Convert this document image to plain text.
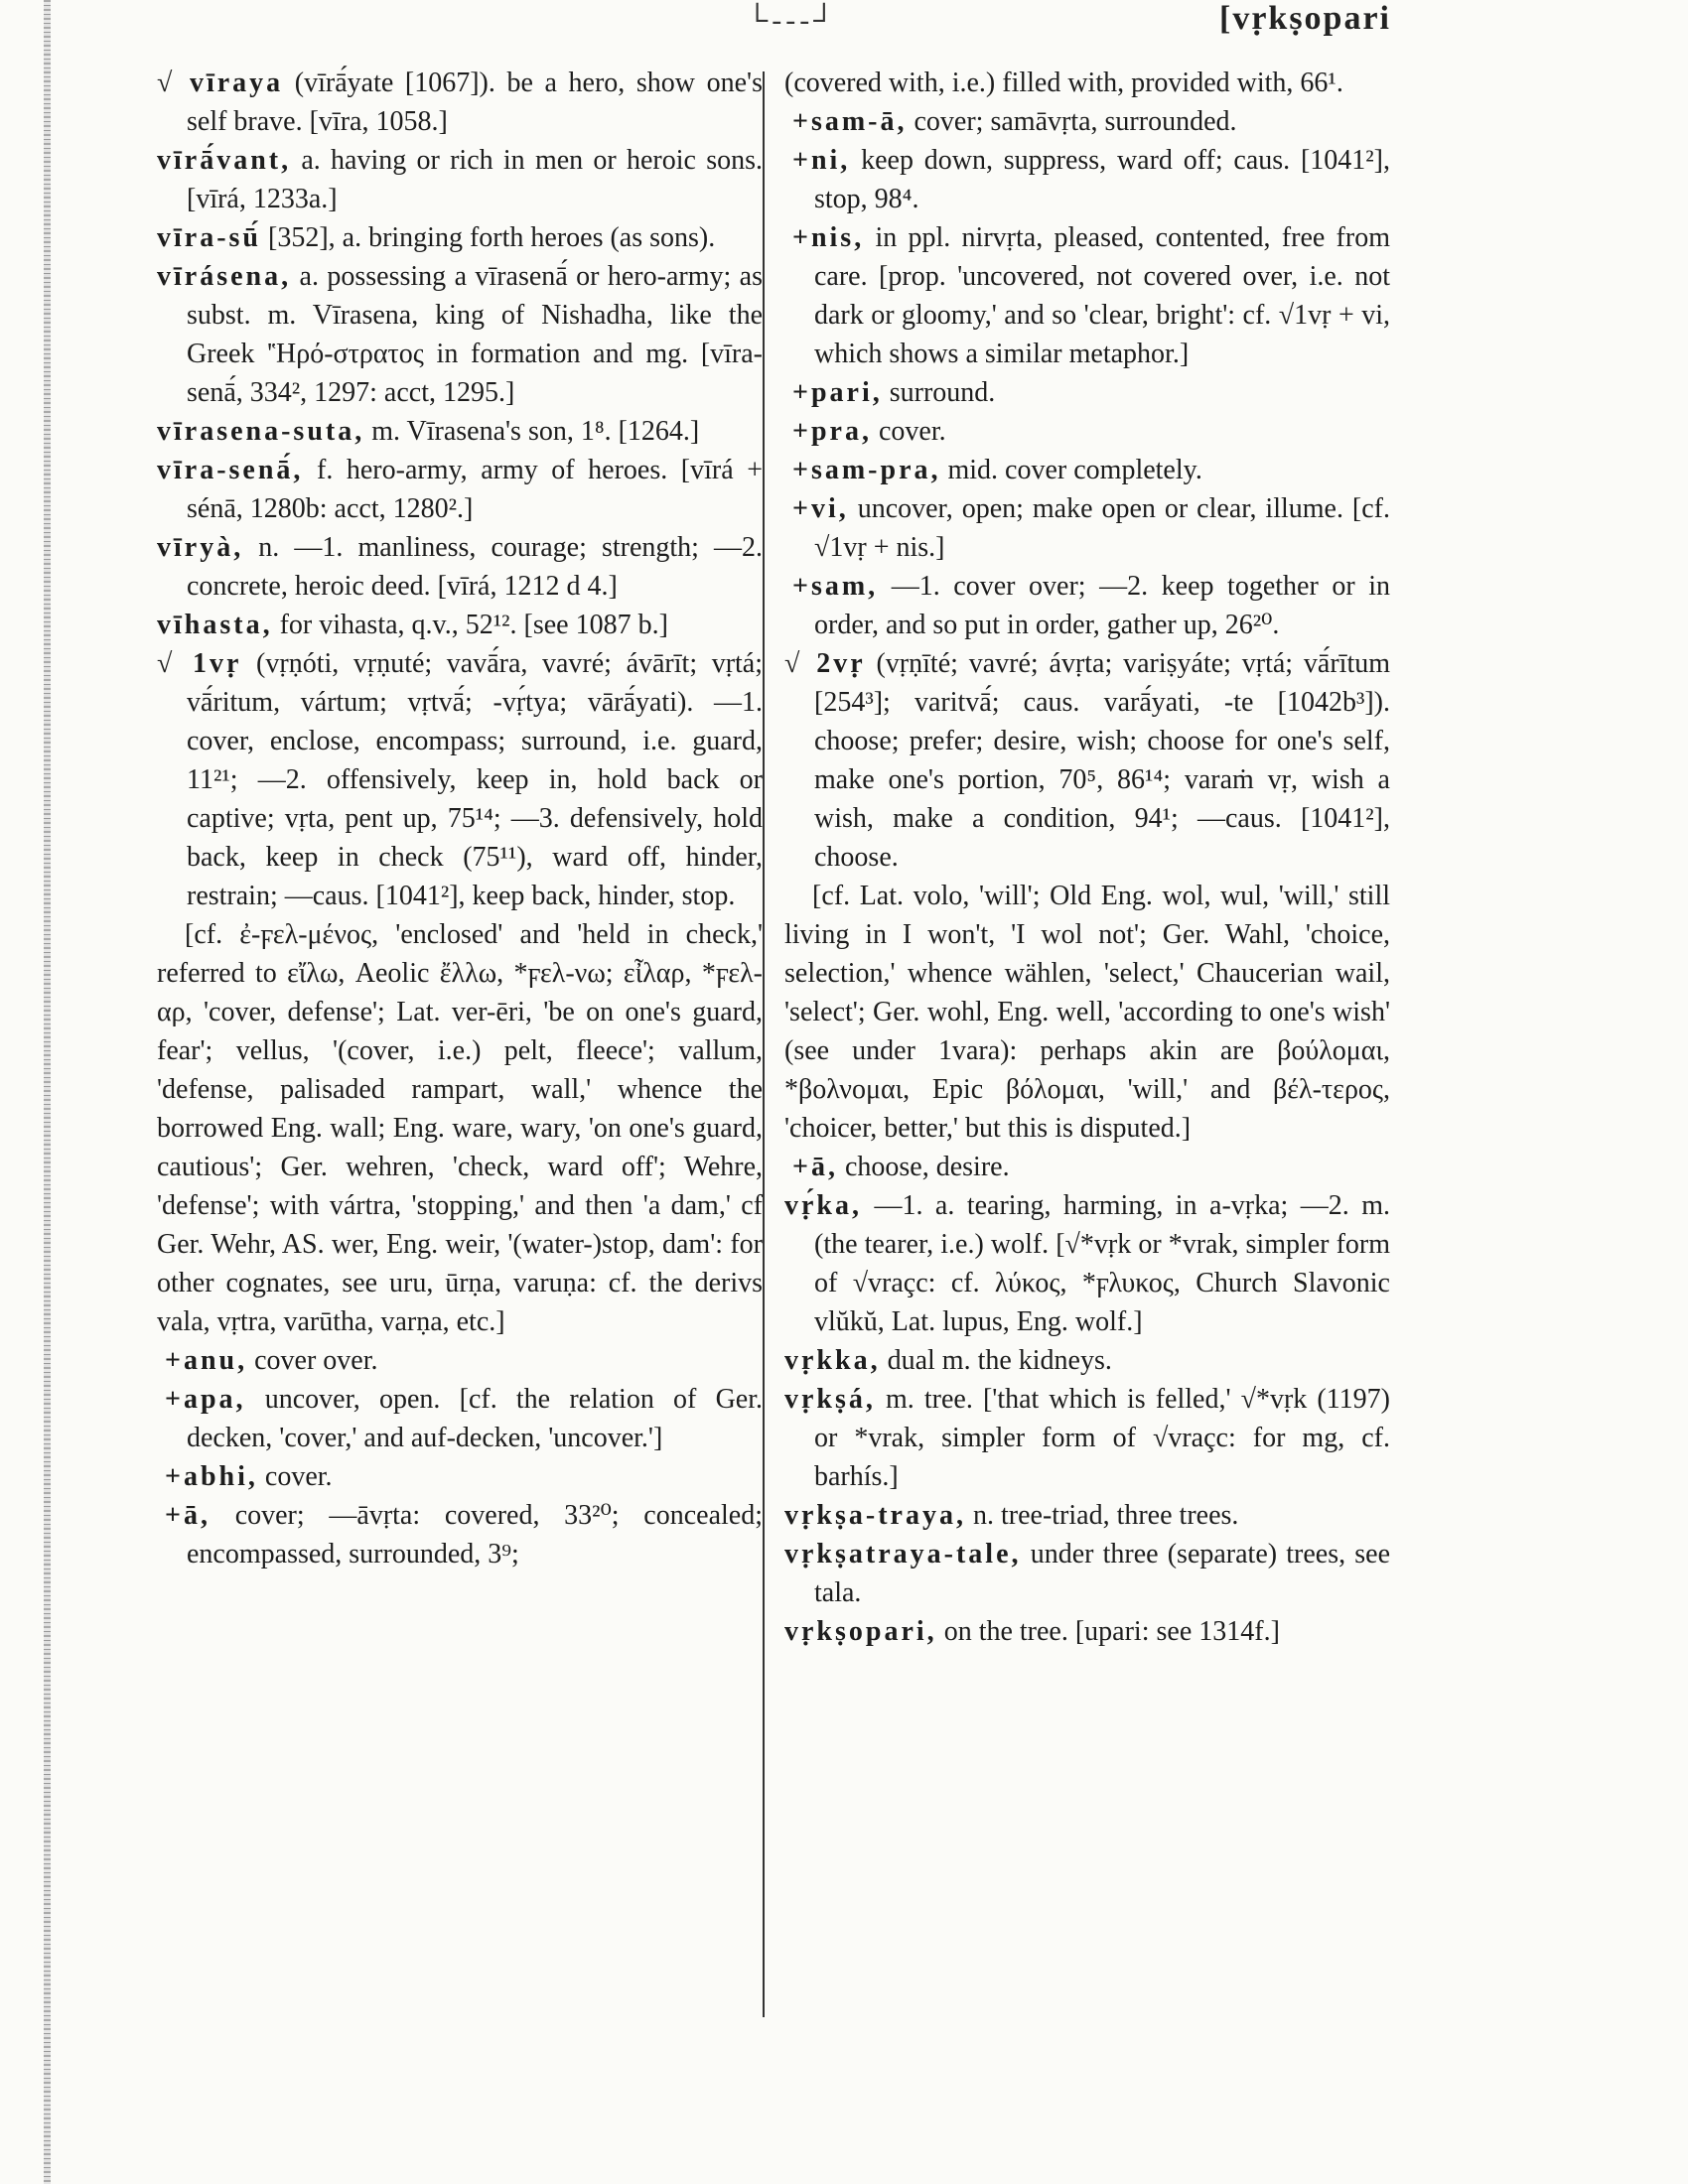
└---┘	[vṛkṣopari

√ vīraya (vīrā́yate [1067]). be a hero, show one's self brave. [vīra, 1058.]

vīrā́vant, a. having or rich in men or heroic sons. [vīrá, 1233a.]

vīra-sū́ [352], a. bringing forth heroes (as sons).

vīrásena, a. possessing a vīrasenā́ or hero-army; as subst. m. Vīrasena, king of Nishadha, like the Greek 'Ἡρό-στρατος in formation and mg. [vīra-senā́, 334², 1297: acct, 1295.]

vīrasena-suta, m. Vīrasena's son, 1⁸. [1264.]

vīra-senā́, f. hero-army, army of heroes. [vīrá + sénā, 1280b: acct, 1280².]

vīryà, n. —1. manliness, courage; strength; —2. concrete, heroic deed. [vīrá, 1212 d 4.]

vīhasta, for vihasta, q.v., 52¹². [see 1087 b.]

√ 1vṛ (vṛṇóti, vṛṇuté; vavā́ra, vavré; ávārīt; vṛtá; vā́ritum, vártum; vṛtvā́; -vṛ́tya; vārā́yati). —1. cover, enclose, encompass; surround, i.e. guard, 11²¹; —2. offensively, keep in, hold back or captive; vṛta, pent up, 75¹⁴; —3. defensively, hold back, keep in check (75¹¹), ward off, hinder, restrain; —caus. [1041²], keep back, hinder, stop.

[cf. ἐ-ϝελ-μένος, 'enclosed' and 'held in check,' referred to εἴλω, Aeolic ἔλλω, *ϝελ-νω; εἶλαρ, *ϝελ-αρ, 'cover, defense'; Lat. ver-ēri, 'be on one's guard, fear'; vellus, '(cover, i.e.) pelt, fleece'; vallum, 'defense, palisaded rampart, wall,' whence the borrowed Eng. wall; Eng. ware, wary, 'on one's guard, cautious'; Ger. wehren, 'check, ward off'; Wehre, 'defense'; with vártra, 'stopping,' and then 'a dam,' cf Ger. Wehr, AS. wer, Eng. weir, '(water-)stop, dam': for other cognates, see uru, ūrṇa, varuṇa: cf. the derivs vala, vṛtra, varūtha, varṇa, etc.]

+anu, cover over.

+apa, uncover, open. [cf. the relation of Ger. decken, 'cover,' and auf-decken, 'uncover.']

+abhi, cover.

+ā, cover; —āvṛta: covered, 33²⁰; concealed; encompassed, surrounded, 3⁹;

(covered with, i.e.) filled with, provided with, 66¹.

+sam-ā, cover; samāvṛta, surrounded.

+ni, keep down, suppress, ward off; caus. [1041²], stop, 98⁴.

+nis, in ppl. nirvṛta, pleased, contented, free from care. [prop. 'uncovered, not covered over, i.e. not dark or gloomy,' and so 'clear, bright': cf. √1vṛ + vi, which shows a similar metaphor.]

+pari, surround.

+pra, cover.

+sam-pra, mid. cover completely.

+vi, uncover, open; make open or clear, illume. [cf. √1vṛ + nis.]

+sam, —1. cover over; —2. keep together or in order, and so put in order, gather up, 26²⁰.

√ 2vṛ (vṛṇīté; vavré; ávṛta; variṣyáte; vṛtá; vā́rītum [254³]; varitvā́; caus. varā́yati, -te [1042b³]). choose; prefer; desire, wish; choose for one's self, make one's portion, 70⁵, 86¹⁴; varaṁ vṛ, wish a wish, make a condition, 94¹; —caus. [1041²], choose.

[cf. Lat. volo, 'will'; Old Eng. wol, wul, 'will,' still living in I won't, 'I wol not'; Ger. Wahl, 'choice, selection,' whence wählen, 'select,' Chaucerian wail, 'select'; Ger. wohl, Eng. well, 'according to one's wish' (see under 1vara): perhaps akin are βούλομαι, *βολνομαι, Epic βόλομαι, 'will,' and βέλ-τερος, 'choicer, better,' but this is disputed.]

+ā, choose, desire.

vṛ́ka, —1. a. tearing, harming, in a-vṛka; —2. m. (the tearer, i.e.) wolf. [√*vṛk or *vrak, simpler form of √vraçc: cf. λύκος, *ϝλυκος, Church Slavonic vlŭkŭ, Lat. lupus, Eng. wolf.]

vṛkka, dual m. the kidneys.

vṛkṣá, m. tree. ['that which is felled,' √*vṛk (1197) or *vrak, simpler form of √vraçc: for mg, cf. barhís.]

vṛkṣa-traya, n. tree-triad, three trees.

vṛkṣatraya-tale, under three (separate) trees, see tala.

vṛkṣopari, on the tree. [upari: see 1314f.]
